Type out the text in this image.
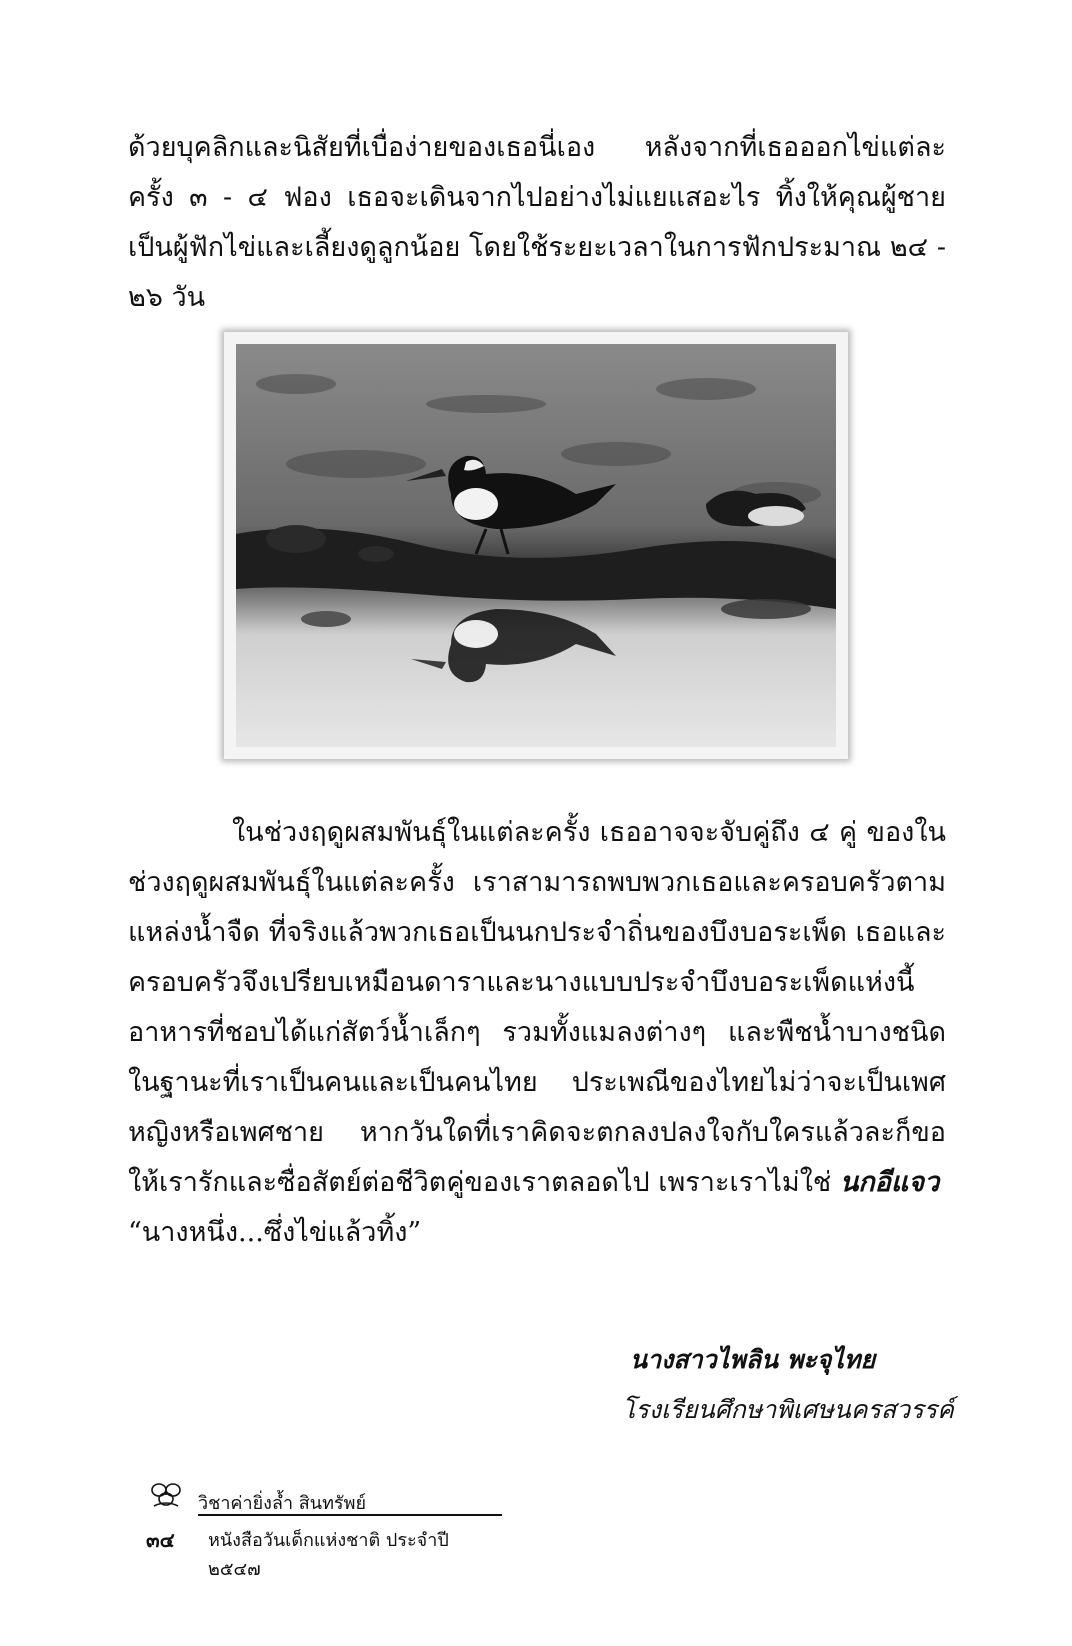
ด้วยบุคลิกและนิสัยที่เบื่อง่ายของเธอนี่เอง หลังจากที่เธอออกไข่แต่ละครั้ง ๓ - ๔ ฟอง เธอจะเดินจากไปอย่างไม่แยแสอะไร ทิ้งให้คุณผู้ชายเป็นผู้ฟักไข่และเลี้ยงดูลูกน้อย โดยใช้ระยะเวลาในการฟักประมาณ ๒๔ - ๒๖ วัน
ในช่วงฤดูผสมพันธุ์ในแต่ละครั้ง เธออาจจะจับคู่ถึง ๔ คู่ ของในช่วงฤดูผสมพันธุ์ในแต่ละครั้ง เราสามารถพบพวกเธอและครอบครัวตามแหล่งน้ำจืด ที่จริงแล้วพวกเธอเป็นนกประจำถิ่นของบึงบอระเพ็ด เธอและครอบครัวจึงเปรียบเหมือนดาราและนางแบบประจำบึงบอระเพ็ดแห่งนี้ อาหารที่ชอบได้แก่สัตว์น้ำเล็กๆ รวมทั้งแมลงต่างๆ และพืชน้ำบางชนิด ในฐานะที่เราเป็นคนและเป็นคนไทย ประเพณีของไทยไม่ว่าจะเป็นเพศหญิงหรือเพศชาย หากวันใดที่เราคิดจะตกลงปลงใจกับใครแล้วละก็ขอให้เรารักและซื่อสัตย์ต่อชีวิตคู่ของเราตลอดไป เพราะเราไม่ใช่ นกอีแจว
“นางหนึ่ง...ซึ่งไข่แล้วทิ้ง”
นางสาวไพลิน พะจุไทย
โรงเรียนศึกษาพิเศษนครสวรรค์
วิชาค่ายิ่งล้ำ สินทรัพย์
๓๔ หนังสือวันเด็กแห่งชาติ ประจำปี ๒๕๔๗
